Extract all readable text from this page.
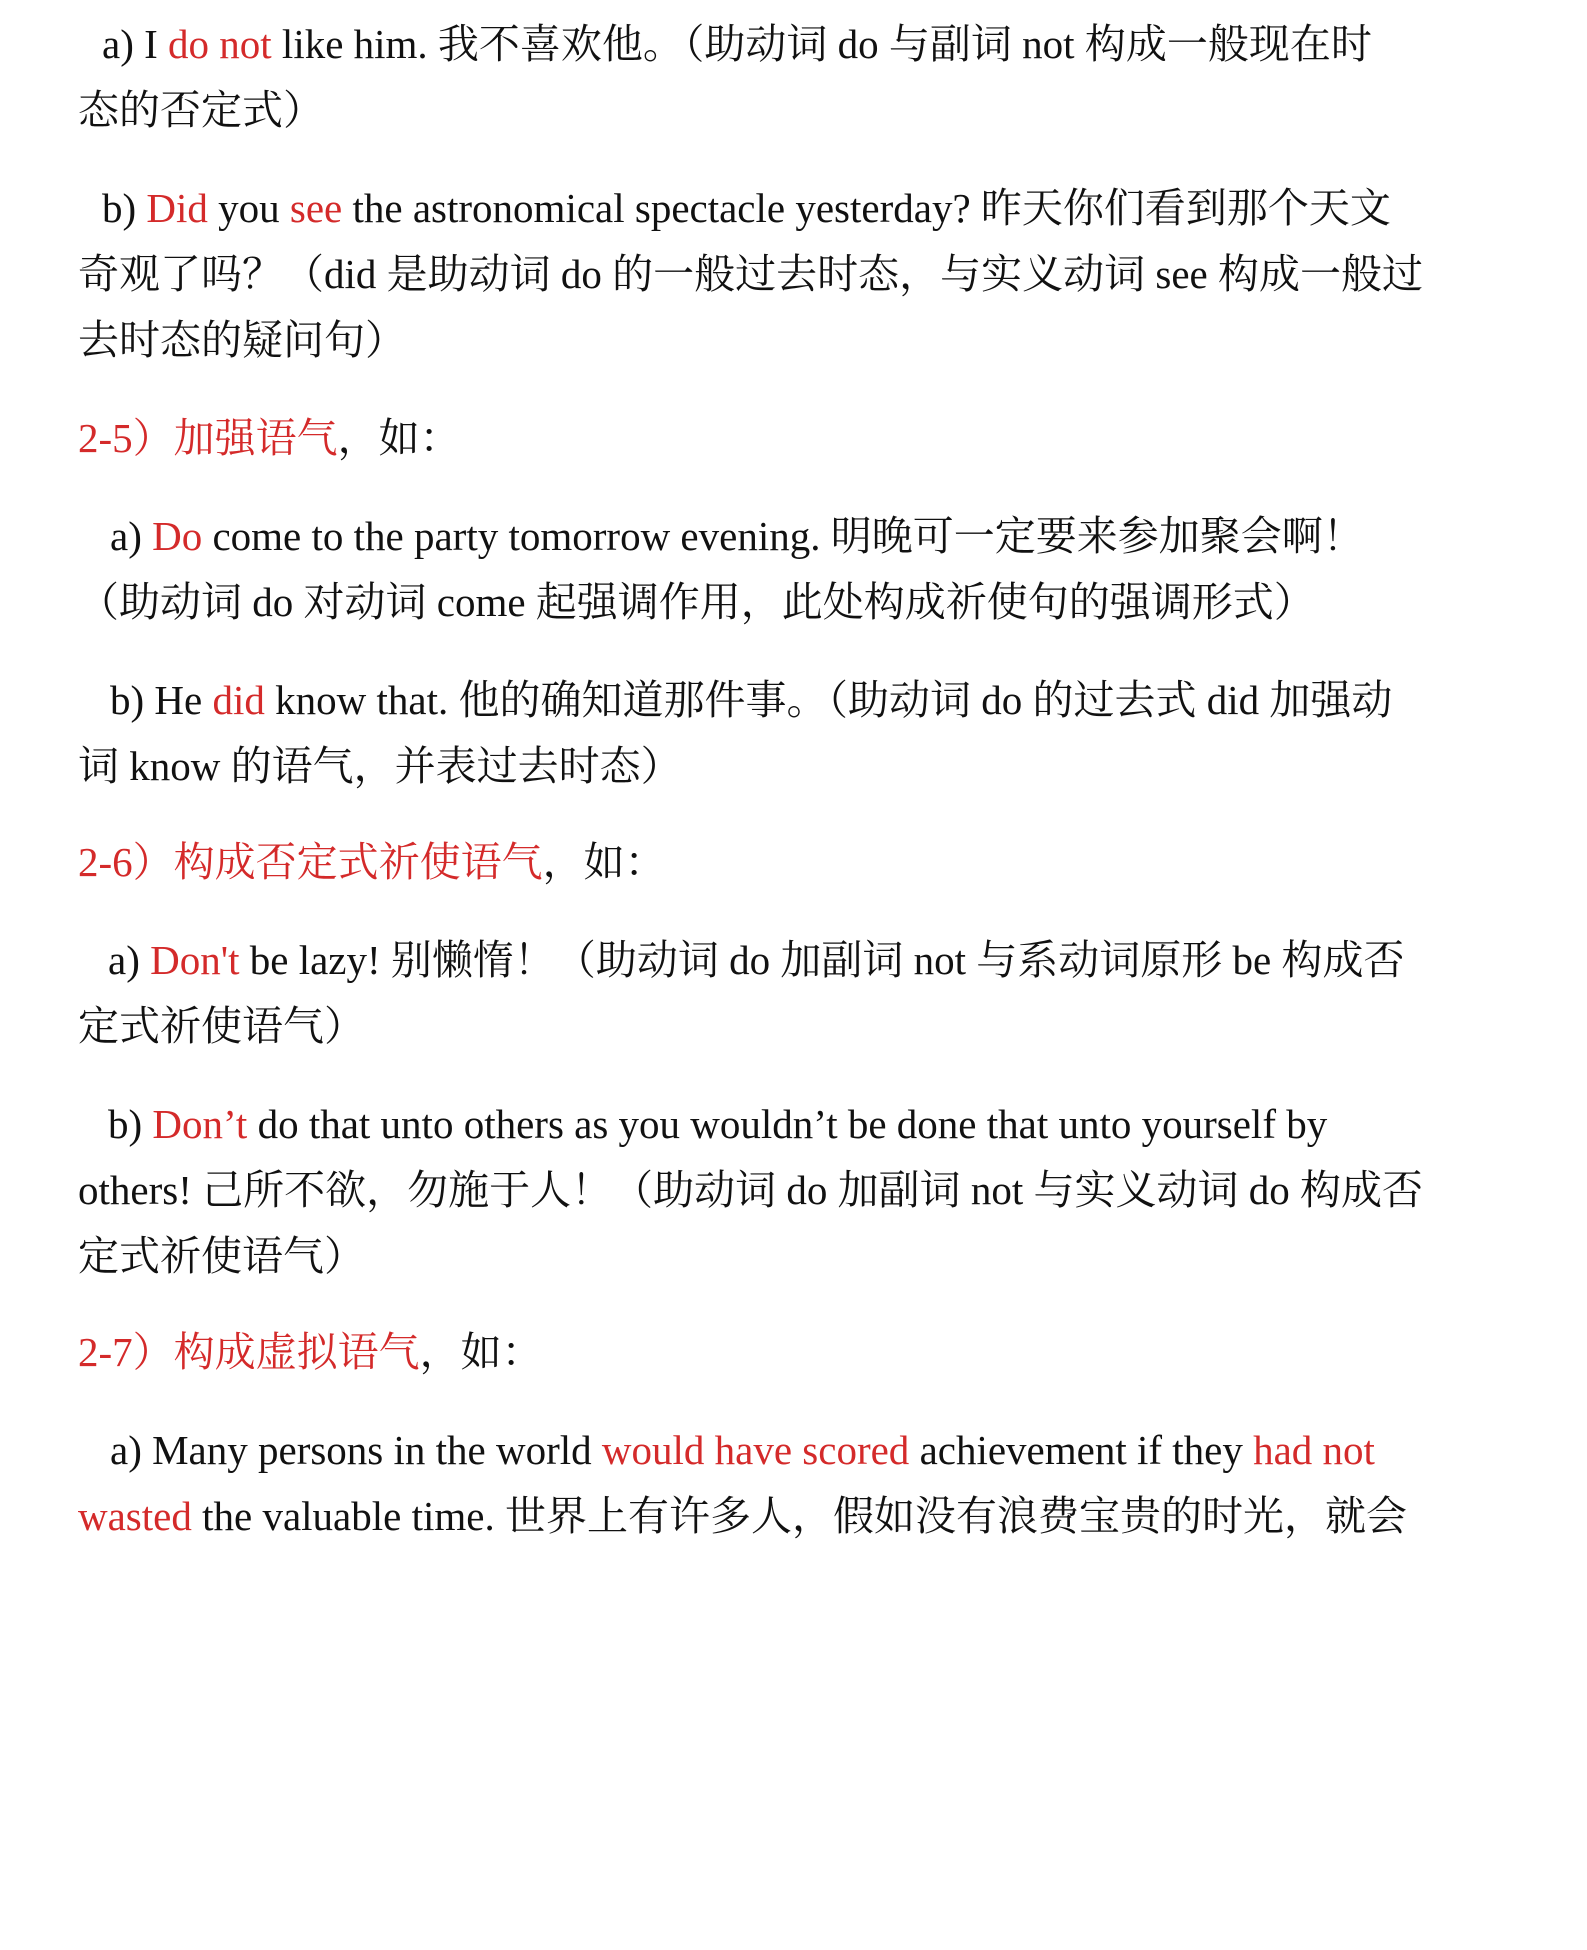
a) I do not like him. 我不喜欢他。（助动词 do 与副词 not 构成一般现在时

态的否定式）

b) Did you see the astronomical spectacle yesterday? 昨天你们看到那个天文

奇观了吗？（did 是助动词 do 的一般过去时态，与实义动词 see 构成一般过

去时态的疑问句）

2-5）加强语气，如：

a) Do come to the party tomorrow evening. 明晚可一定要来参加聚会啊！

（助动词 do 对动词 come 起强调作用，此处构成祈使句的强调形式）

b) He did know that. 他的确知道那件事。（助动词 do 的过去式 did 加强动

词 know 的语气，并表过去时态）

2-6）构成否定式祈使语气，如：

a) Don't be lazy! 别懒惰！（助动词 do 加副词 not 与系动词原形 be 构成否

定式祈使语气）

b) Don’t do that unto others as you wouldn’t be done that unto yourself by

others! 己所不欲，勿施于人！（助动词 do 加副词 not 与实义动词 do 构成否

定式祈使语气）

2-7）构成虚拟语气，如：

a) Many persons in the world would have scored achievement if they had not

wasted the valuable time. 世界上有许多人，假如没有浪费宝贵的时光，就会
